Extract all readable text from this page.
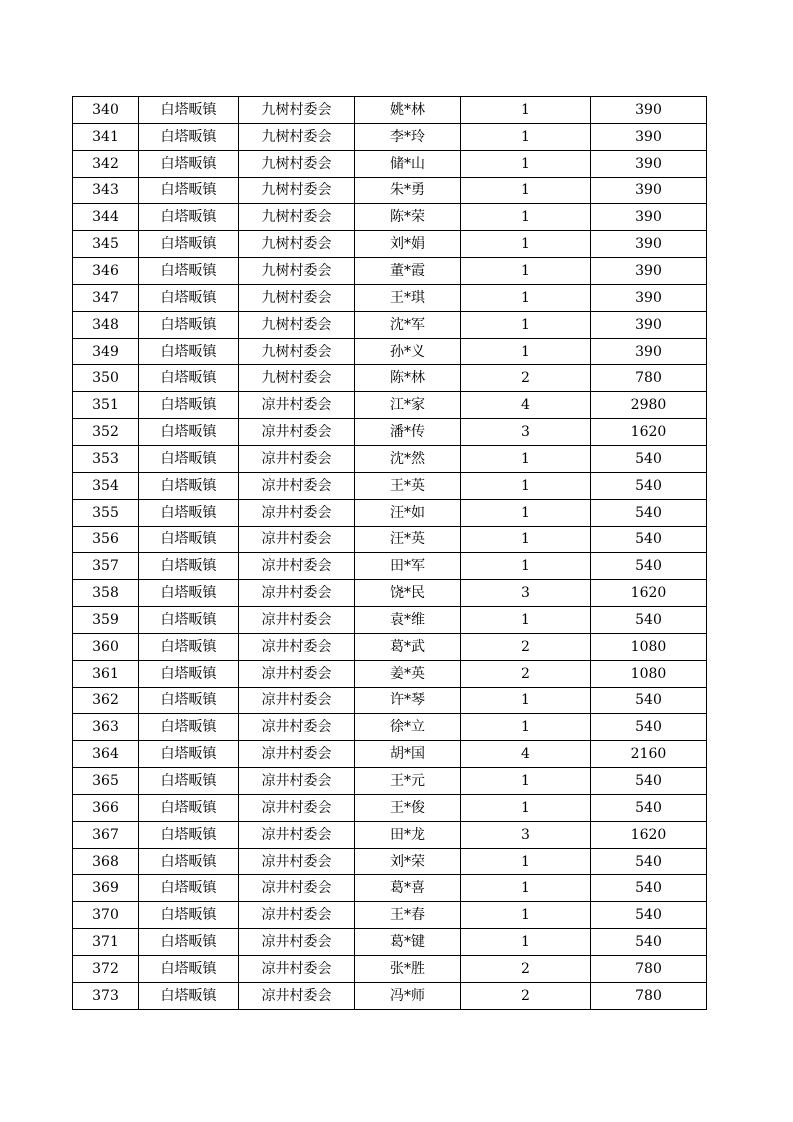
340	白塔畈镇	九树村委会	姚*林	1	390
341	白塔畈镇	九树村委会	李*玲	1	390
342	白塔畈镇	九树村委会	储*山	1	390
343	白塔畈镇	九树村委会	朱*勇	1	390
344	白塔畈镇	九树村委会	陈*荣	1	390
345	白塔畈镇	九树村委会	刘*娟	1	390
346	白塔畈镇	九树村委会	董*霞	1	390
347	白塔畈镇	九树村委会	王*琪	1	390
348	白塔畈镇	九树村委会	沈*军	1	390
349	白塔畈镇	九树村委会	孙*义	1	390
350	白塔畈镇	九树村委会	陈*林	2	780
351	白塔畈镇	凉井村委会	江*家	4	2980
352	白塔畈镇	凉井村委会	潘*传	3	1620
353	白塔畈镇	凉井村委会	沈*然	1	540
354	白塔畈镇	凉井村委会	王*英	1	540
355	白塔畈镇	凉井村委会	汪*如	1	540
356	白塔畈镇	凉井村委会	汪*英	1	540
357	白塔畈镇	凉井村委会	田*军	1	540
358	白塔畈镇	凉井村委会	饶*民	3	1620
359	白塔畈镇	凉井村委会	袁*维	1	540
360	白塔畈镇	凉井村委会	葛*武	2	1080
361	白塔畈镇	凉井村委会	姜*英	2	1080
362	白塔畈镇	凉井村委会	许*琴	1	540
363	白塔畈镇	凉井村委会	徐*立	1	540
364	白塔畈镇	凉井村委会	胡*国	4	2160
365	白塔畈镇	凉井村委会	王*元	1	540
366	白塔畈镇	凉井村委会	王*俊	1	540
367	白塔畈镇	凉井村委会	田*龙	3	1620
368	白塔畈镇	凉井村委会	刘*荣	1	540
369	白塔畈镇	凉井村委会	葛*喜	1	540
370	白塔畈镇	凉井村委会	王*春	1	540
371	白塔畈镇	凉井村委会	葛*键	1	540
372	白塔畈镇	凉井村委会	张*胜	2	780
373	白塔畈镇	凉井村委会	冯*师	2	780
